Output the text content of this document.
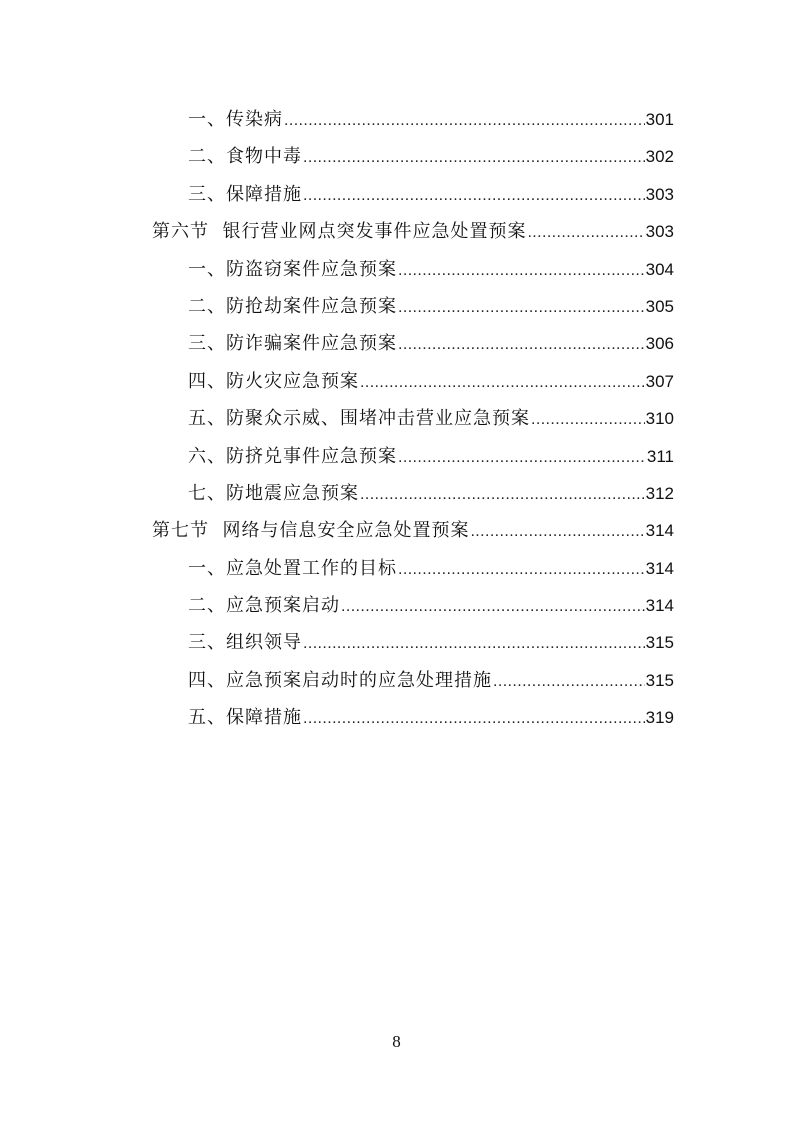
一、传染病 .....	301
二、食物中毒 .....	302
三、保障措施 .....	303
第六节  银行营业网点突发事件应急处置预案 .....	303
一、防盗窃案件应急预案 .....	304
二、防抢劫案件应急预案 .....	305
三、防诈骗案件应急预案 .....	306
四、防火灾应急预案 .....	307
五、防聚众示威、围堵冲击营业应急预案 .....	310
六、防挤兑事件应急预案 .....	311
七、防地震应急预案 .....	312
第七节  网络与信息安全应急处置预案 .....	314
一、应急处置工作的目标 .....	314
二、应急预案启动 .....	314
三、组织领导 .....	315
四、应急预案启动时的应急处理措施 .....	315
五、保障措施 .....	319
8
